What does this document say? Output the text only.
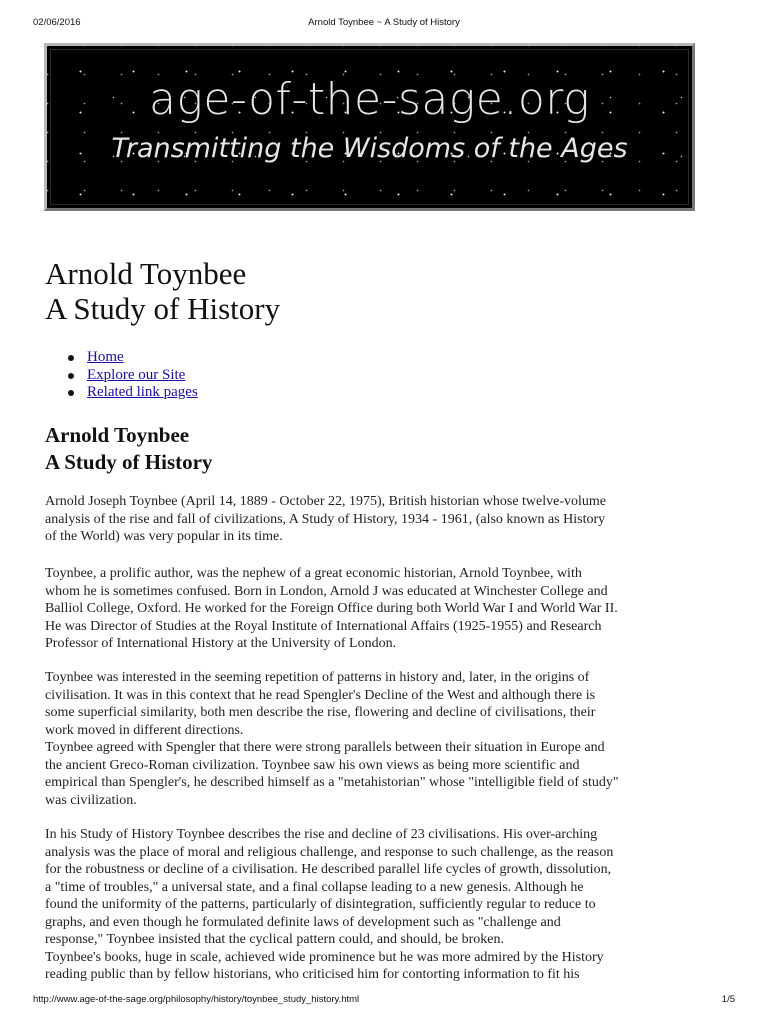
02/06/2016	Arnold Toynbee ~ A Study of History
age-of-the-sage.org
Transmitting the Wisdoms of the Ages
Arnold Toynbee
A Study of History
Home
Explore our Site
Related link pages
Arnold Toynbee
A Study of History
Arnold Joseph Toynbee (April 14, 1889 - October 22, 1975), British historian whose twelve-volume
analysis of the rise and fall of civilizations, A Study of History, 1934 - 1961, (also known as History
of the World) was very popular in its time.
Toynbee, a prolific author, was the nephew of a great economic historian, Arnold Toynbee, with
whom he is sometimes confused. Born in London, Arnold J was educated at Winchester College and
Balliol College, Oxford. He worked for the Foreign Office during both World War I and World War II.
He was Director of Studies at the Royal Institute of International Affairs (1925-1955) and Research
Professor of International History at the University of London.
Toynbee was interested in the seeming repetition of patterns in history and, later, in the origins of
civilisation. It was in this context that he read Spengler's Decline of the West and although there is
some superficial similarity, both men describe the rise, flowering and decline of civilisations, their
work moved in different directions.
Toynbee agreed with Spengler that there were strong parallels between their situation in Europe and
the ancient Greco-Roman civilization. Toynbee saw his own views as being more scientific and
empirical than Spengler's, he described himself as a "metahistorian" whose "intelligible field of study"
was civilization.
In his Study of History Toynbee describes the rise and decline of 23 civilisations. His over-arching
analysis was the place of moral and religious challenge, and response to such challenge, as the reason
for the robustness or decline of a civilisation. He described parallel life cycles of growth, dissolution,
a "time of troubles," a universal state, and a final collapse leading to a new genesis. Although he
found the uniformity of the patterns, particularly of disintegration, sufficiently regular to reduce to
graphs, and even though he formulated definite laws of development such as "challenge and
response," Toynbee insisted that the cyclical pattern could, and should, be broken.
Toynbee's books, huge in scale, achieved wide prominence but he was more admired by the History
reading public than by fellow historians, who criticised him for contorting information to fit his
http://www.age-of-the-sage.org/philosophy/history/toynbee_study_history.html	1/5
